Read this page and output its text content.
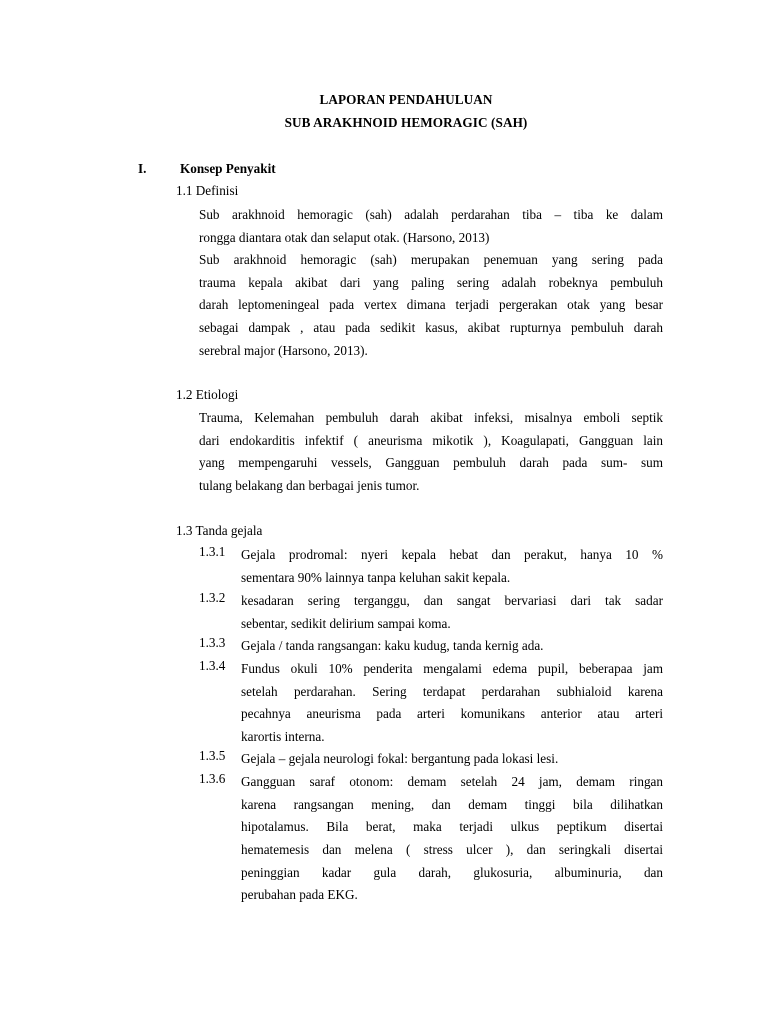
LAPORAN PENDAHULUAN
SUB ARAKHNOID HEMORAGIC (SAH)
I.	Konsep Penyakit
1.1 Definisi
Sub arakhnoid hemoragic (sah) adalah perdarahan tiba – tiba ke dalam
rongga diantara otak dan selaput otak. (Harsono, 2013)
Sub arakhnoid hemoragic (sah) merupakan penemuan yang sering pada
trauma kepala akibat dari yang paling sering adalah robeknya pembuluh
darah leptomeningeal pada vertex dimana terjadi pergerakan otak yang besar
sebagai dampak , atau pada sedikit kasus, akibat rupturnya pembuluh darah
serebral major (Harsono, 2013).
1.2 Etiologi
Trauma, Kelemahan pembuluh darah akibat infeksi, misalnya emboli septik
dari endokarditis infektif ( aneurisma mikotik ), Koagulapati, Gangguan lain
yang mempengaruhi vessels, Gangguan pembuluh darah pada sum- sum
tulang belakang dan berbagai jenis tumor.
1.3 Tanda gejala
1.3.1 Gejala prodromal: nyeri kepala hebat dan perakut, hanya 10 %
sementara 90% lainnya tanpa keluhan sakit kepala.
1.3.2 kesadaran sering terganggu, dan sangat bervariasi dari tak sadar
sebentar, sedikit delirium sampai koma.
1.3.3 Gejala / tanda rangsangan: kaku kudug, tanda kernig ada.
1.3.4 Fundus okuli 10% penderita mengalami edema pupil, beberapaa jam
setelah perdarahan. Sering terdapat perdarahan subhialoid karena
pecahnya aneurisma pada arteri komunikans anterior atau arteri
karortis interna.
1.3.5 Gejala – gejala neurologi fokal: bergantung pada lokasi lesi.
1.3.6 Gangguan saraf otonom: demam setelah 24 jam, demam ringan
karena rangsangan mening, dan demam tinggi bila dilihatkan
hipotalamus. Bila berat, maka terjadi ulkus peptikum disertai
hematemesis dan melena ( stress ulcer ), dan seringkali disertai
peninggian kadar gula darah, glukosuria, albuminuria, dan
perubahan pada EKG.
